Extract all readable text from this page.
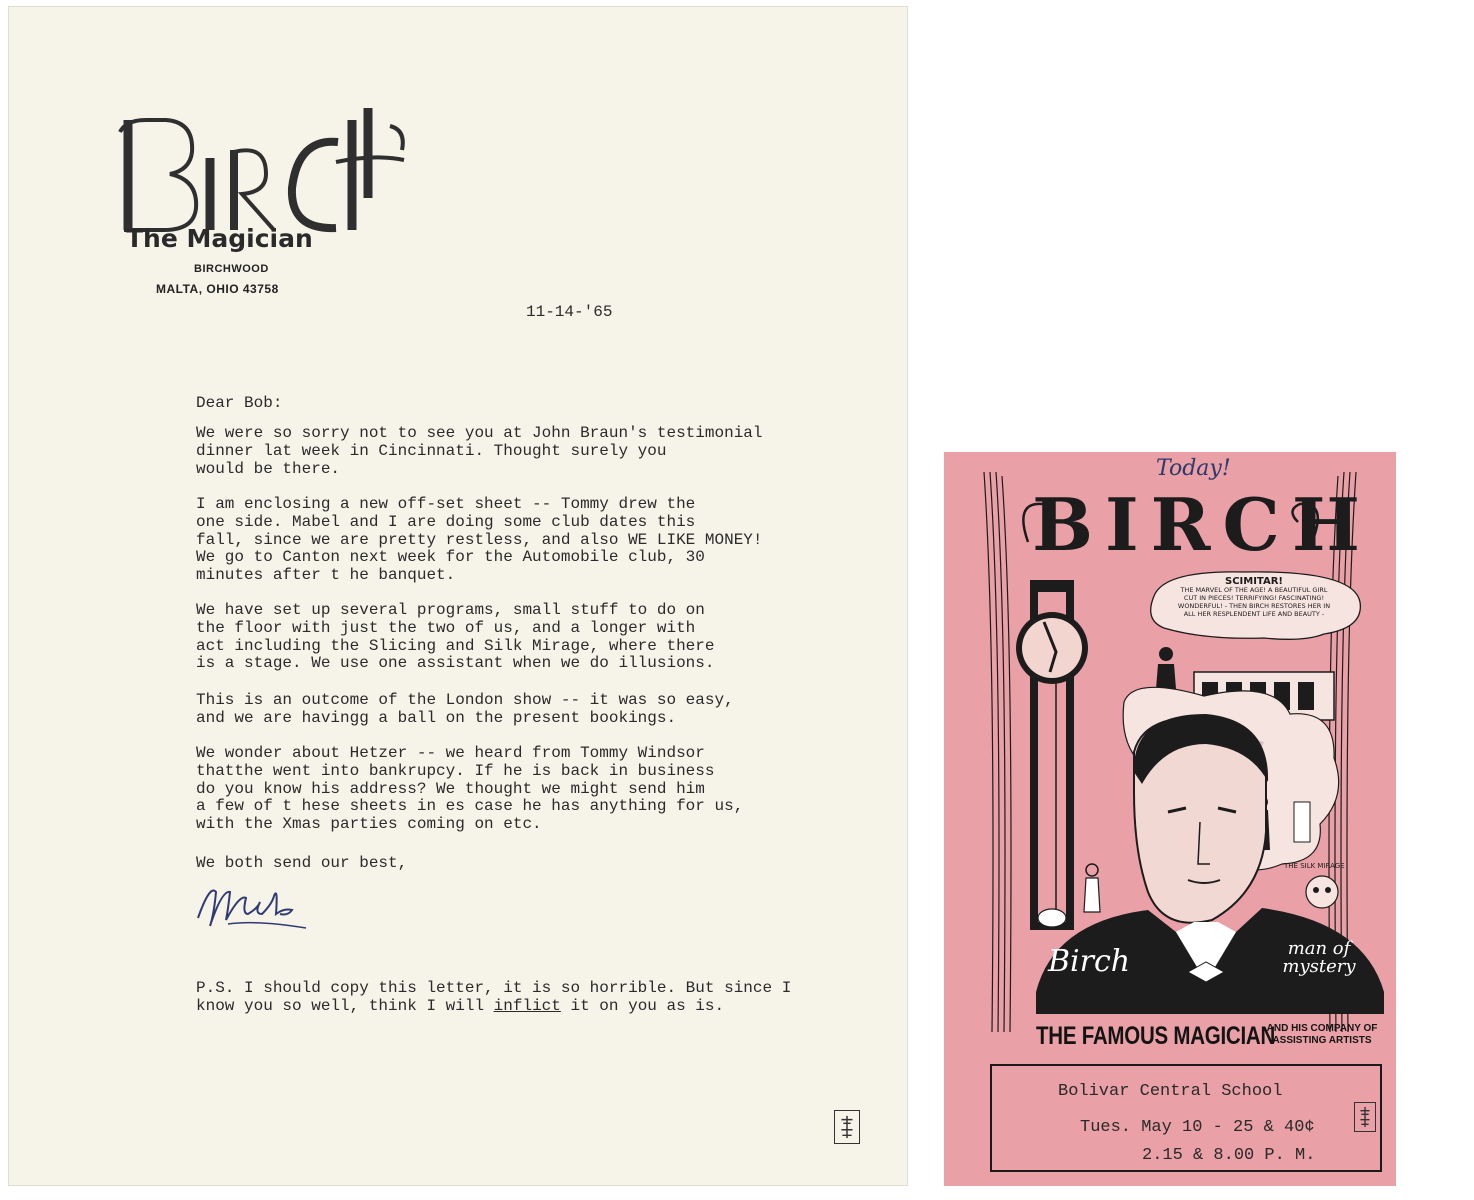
The Magician
BIRCHWOOD
MALTA, OHIO 43758
11-14-'65
Dear Bob:
We were so sorry not to see you at John Braun's testimonial
dinner lat week in Cincinnati. Thought surely you
would be there.
I am enclosing a new off-set sheet -- Tommy drew the
one side. Mabel and I are doing some club dates this
fall, since we are pretty restless, and also WE LIKE MONEY!
We go to Canton next week for the Automobile club, 30
minutes after t he banquet.
We have set up several programs, small stuff to do on
the floor with just the two of us, and a longer with
act including the Slicing and Silk Mirage, where there
is a stage. We use one assistant when we do illusions.
This is an outcome of the London show -- it was so easy,
and we are havingg a ball on the present bookings.
We wonder about Hetzer -- we heard from Tommy Windsor
thatthe went into bankrupcy. If he is back in business
do you know his address? We thought we might send him
a few of t hese sheets in es case he has anything for us,
with the Xmas parties coming on etc.
We both send our best,
P.S. I should copy this letter, it is so horrible. But since I know you so well, think I will inflict it on you as is.
Today!
BIRCH
SCIMITAR!
THE MARVEL OF THE AGE! A BEAUTIFUL GIRL CUT IN PIECES! TERRIFYING! FASCINATING! WONDERFUL! - THEN BIRCH RESTORES HER IN ALL HER RESPLENDENT LIFE AND BEAUTY -
THE SILK MIRAGE
Birch	man of mystery
THE FAMOUS MAGICIAN
AND HIS COMPANY OF ASSISTING ARTISTS
Bolivar Central School
Tues. May 10 - 25 & 40¢
2.15 & 8.00 P. M.
